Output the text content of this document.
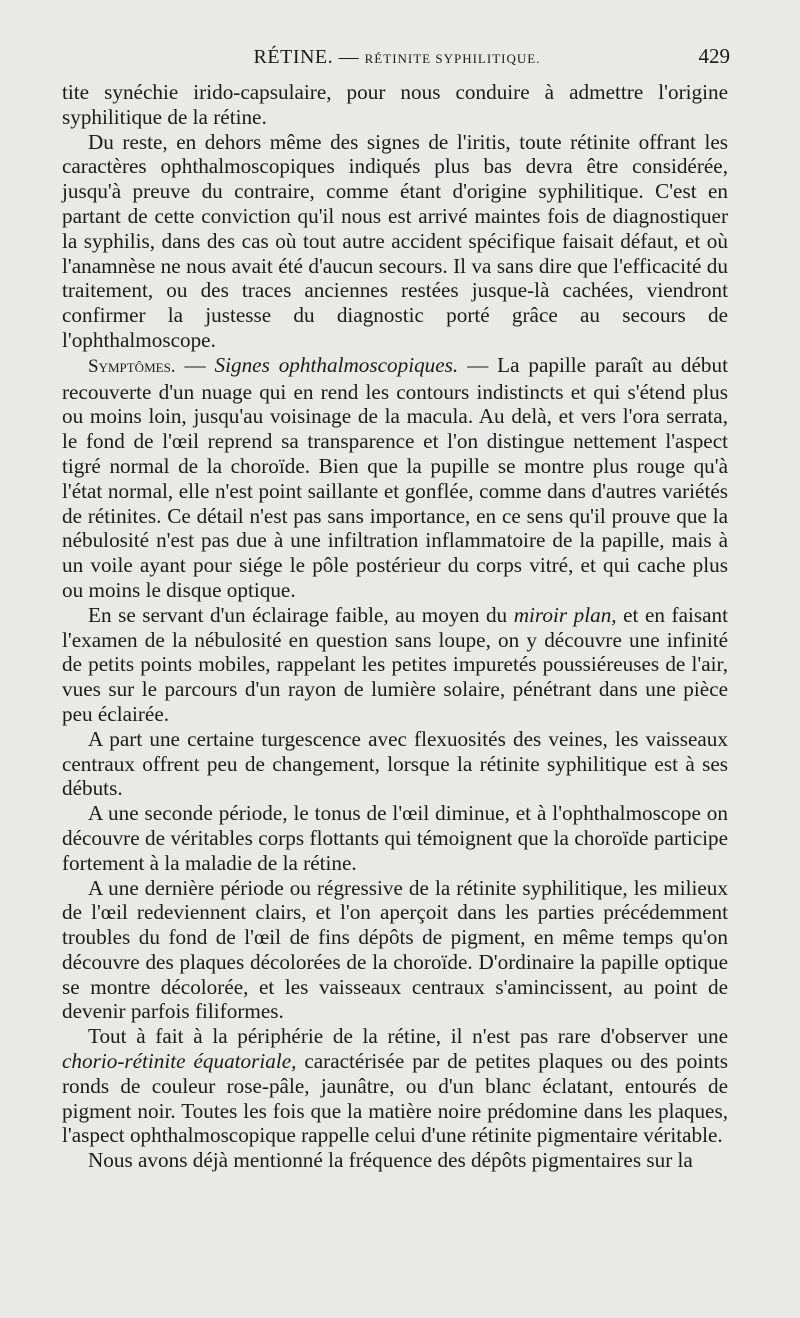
RÉTINE. — RÉTINITE SYPHILITIQUE.	429

tite synéchie irido-capsulaire, pour nous conduire à admettre l'origine syphilitique de la rétine.

Du reste, en dehors même des signes de l'iritis, toute rétinite offrant les caractères ophthalmoscopiques indiqués plus bas devra être considérée, jusqu'à preuve du contraire, comme étant d'origine syphilitique. C'est en partant de cette conviction qu'il nous est arrivé maintes fois de diagnostiquer la syphilis, dans des cas où tout autre accident spécifique faisait défaut, et où l'anamnèse ne nous avait été d'aucun secours. Il va sans dire que l'efficacité du traitement, ou des traces anciennes restées jusque-là cachées, viendront confirmer la justesse du diagnostic porté grâce au secours de l'ophthalmoscope.

Symptômes. — Signes ophthalmoscopiques. — La papille paraît au début recouverte d'un nuage qui en rend les contours indistincts et qui s'étend plus ou moins loin, jusqu'au voisinage de la macula. Au delà, et vers l'ora serrata, le fond de l'œil reprend sa transparence et l'on distingue nettement l'aspect tigré normal de la choroïde. Bien que la pupille se montre plus rouge qu'à l'état normal, elle n'est point saillante et gonflée, comme dans d'autres variétés de rétinites. Ce détail n'est pas sans importance, en ce sens qu'il prouve que la nébulosité n'est pas due à une infiltration inflammatoire de la papille, mais à un voile ayant pour siége le pôle postérieur du corps vitré, et qui cache plus ou moins le disque optique.

En se servant d'un éclairage faible, au moyen du miroir plan, et en faisant l'examen de la nébulosité en question sans loupe, on y découvre une infinité de petits points mobiles, rappelant les petites impuretés poussiéreuses de l'air, vues sur le parcours d'un rayon de lumière solaire, pénétrant dans une pièce peu éclairée.

A part une certaine turgescence avec flexuosités des veines, les vaisseaux centraux offrent peu de changement, lorsque la rétinite syphilitique est à ses débuts.

A une seconde période, le tonus de l'œil diminue, et à l'ophthalmoscope on découvre de véritables corps flottants qui témoignent que la choroïde participe fortement à la maladie de la rétine.

A une dernière période ou régressive de la rétinite syphilitique, les milieux de l'œil redeviennent clairs, et l'on aperçoit dans les parties précédemment troubles du fond de l'œil de fins dépôts de pigment, en même temps qu'on découvre des plaques décolorées de la choroïde. D'ordinaire la papille optique se montre décolorée, et les vaisseaux centraux s'amincissent, au point de devenir parfois filiformes.

Tout à fait à la périphérie de la rétine, il n'est pas rare d'observer une chorio-rétinite équatoriale, caractérisée par de petites plaques ou des points ronds de couleur rose-pâle, jaunâtre, ou d'un blanc éclatant, entourés de pigment noir. Toutes les fois que la matière noire prédomine dans les plaques, l'aspect ophthalmoscopique rappelle celui d'une rétinite pigmentaire véritable.

Nous avons déjà mentionné la fréquence des dépôts pigmentaires sur la
